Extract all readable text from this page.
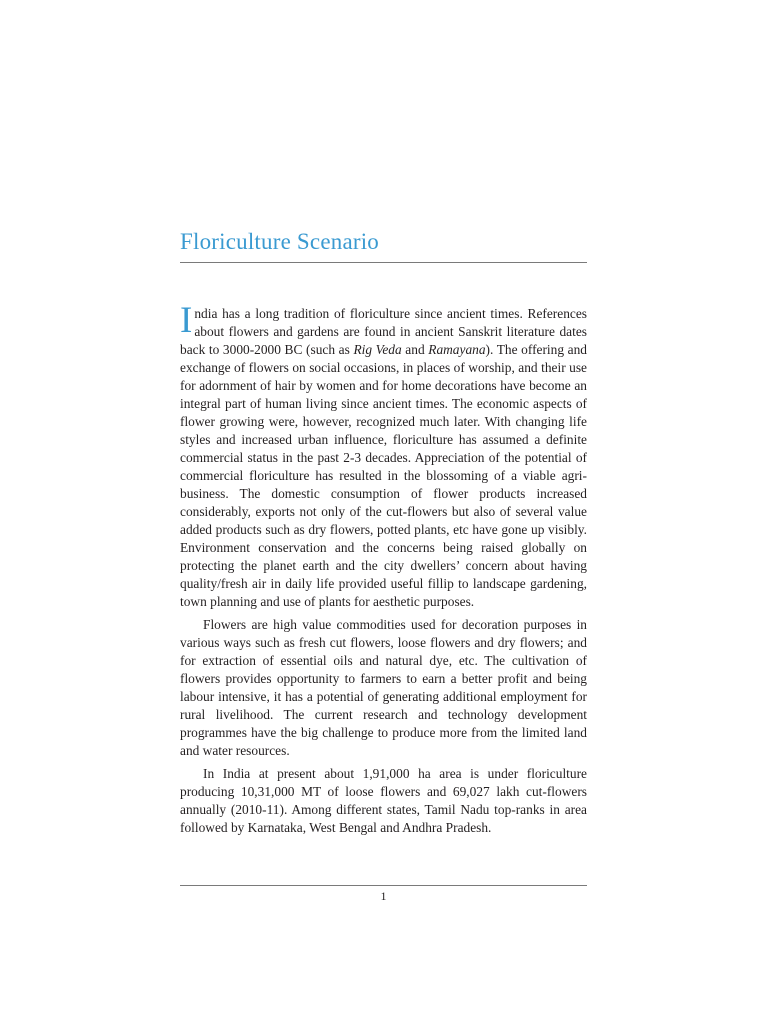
Floriculture Scenario

India has a long tradition of floriculture since ancient times. References about flowers and gardens are found in ancient Sanskrit literature dates back to 3000-2000 BC (such as Rig Veda and Ramayana). The offering and exchange of flowers on social occasions, in places of worship, and their use for adornment of hair by women and for home decorations have become an integral part of human living since ancient times. The economic aspects of flower growing were, however, recognized much later. With changing life styles and increased urban influence, floriculture has assumed a definite commercial status in the past 2-3 decades. Appreciation of the potential of commercial floriculture has resulted in the blossoming of a viable agri-business. The domestic consumption of flower products increased considerably, exports not only of the cut-flowers but also of several value added products such as dry flowers, potted plants, etc have gone up visibly. Environment conservation and the concerns being raised globally on protecting the planet earth and the city dwellers’ concern about having quality/fresh air in daily life provided useful fillip to landscape gardening, town planning and use of plants for aesthetic purposes.

Flowers are high value commodities used for decoration purposes in various ways such as fresh cut flowers, loose flowers and dry flowers; and for extraction of essential oils and natural dye, etc. The cultivation of flowers provides opportunity to farmers to earn a better profit and being labour intensive, it has a potential of generating additional employment for rural livelihood. The current research and technology development programmes have the big challenge to produce more from the limited land and water resources.

In India at present about 1,91,000 ha area is under floriculture producing 10,31,000 MT of loose flowers and 69,027 lakh cut-flowers annually (2010-11). Among different states, Tamil Nadu top-ranks in area followed by Karnataka, West Bengal and Andhra Pradesh.

1
